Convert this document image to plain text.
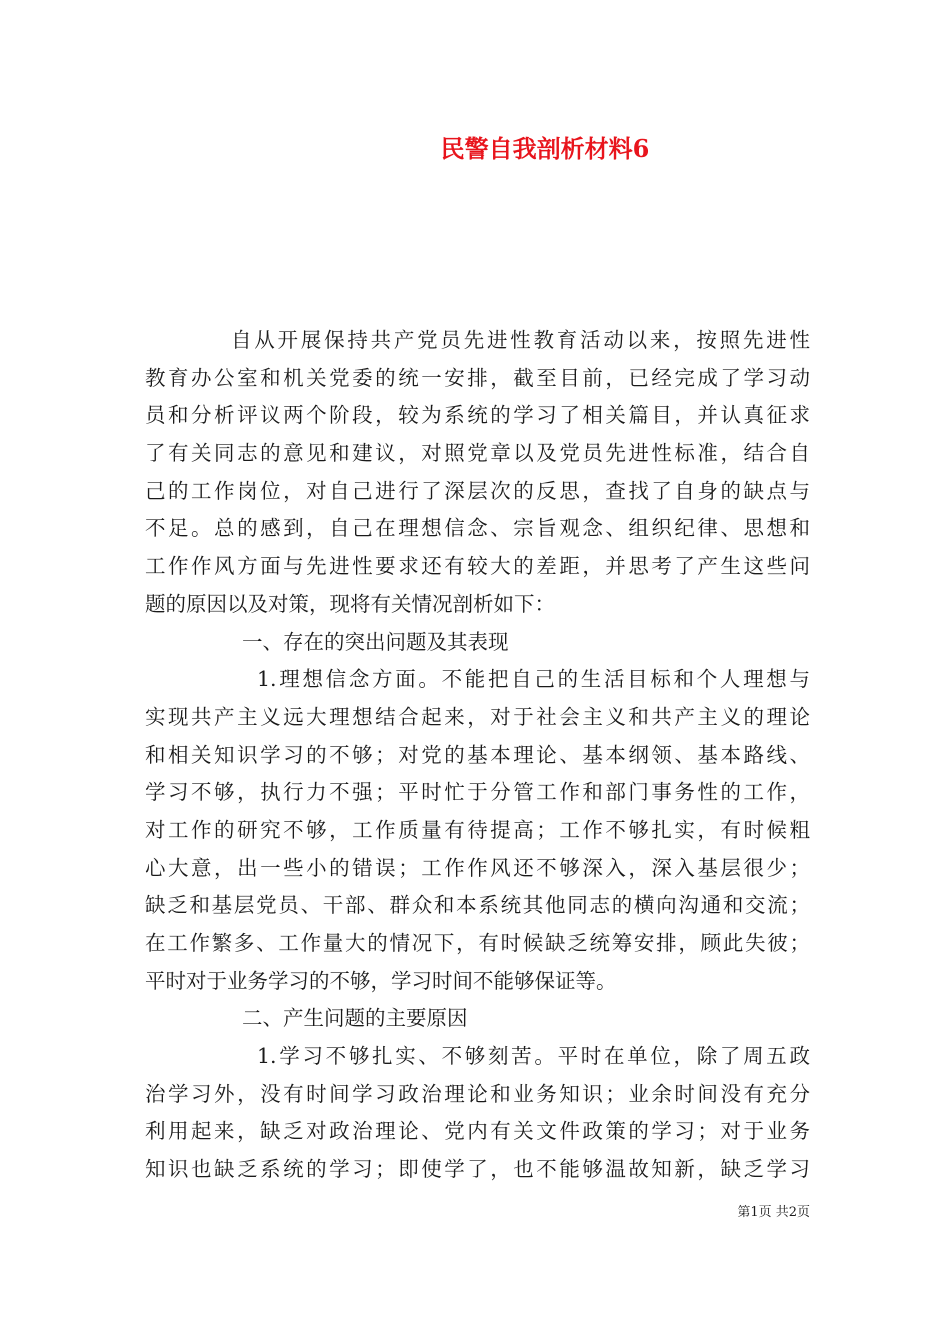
民警自我剖析材料6
自从开展保持共产党员先进性教育活动以来，按照先进性
教育办公室和机关党委的统一安排，截至目前，已经完成了学习动
员和分析评议两个阶段，较为系统的学习了相关篇目，并认真征求
了有关同志的意见和建议，对照党章以及党员先进性标准，结合自
己的工作岗位，对自己进行了深层次的反思，查找了自身的缺点与
不足。总的感到，自己在理想信念、宗旨观念、组织纪律、思想和
工作作风方面与先进性要求还有较大的差距，并思考了产生这些问
题的原因以及对策，现将有关情况剖析如下：
一、存在的突出问题及其表现
1.理想信念方面。不能把自己的生活目标和个人理想与
实现共产主义远大理想结合起来，对于社会主义和共产主义的理论
和相关知识学习的不够；对党的基本理论、基本纲领、基本路线、
学习不够，执行力不强；平时忙于分管工作和部门事务性的工作，
对工作的研究不够，工作质量有待提高；工作不够扎实，有时候粗
心大意，出一些小的错误；工作作风还不够深入，深入基层很少；
缺乏和基层党员、干部、群众和本系统其他同志的横向沟通和交流；
在工作繁多、工作量大的情况下，有时候缺乏统筹安排，顾此失彼；
平时对于业务学习的不够，学习时间不能够保证等。
二、产生问题的主要原因
1.学习不够扎实、不够刻苦。平时在单位，除了周五政
治学习外，没有时间学习政治理论和业务知识；业余时间没有充分
利用起来，缺乏对政治理论、党内有关文件政策的学习；对于业务
知识也缺乏系统的学习；即使学了，也不能够温故知新，缺乏学习
第1页 共2页
